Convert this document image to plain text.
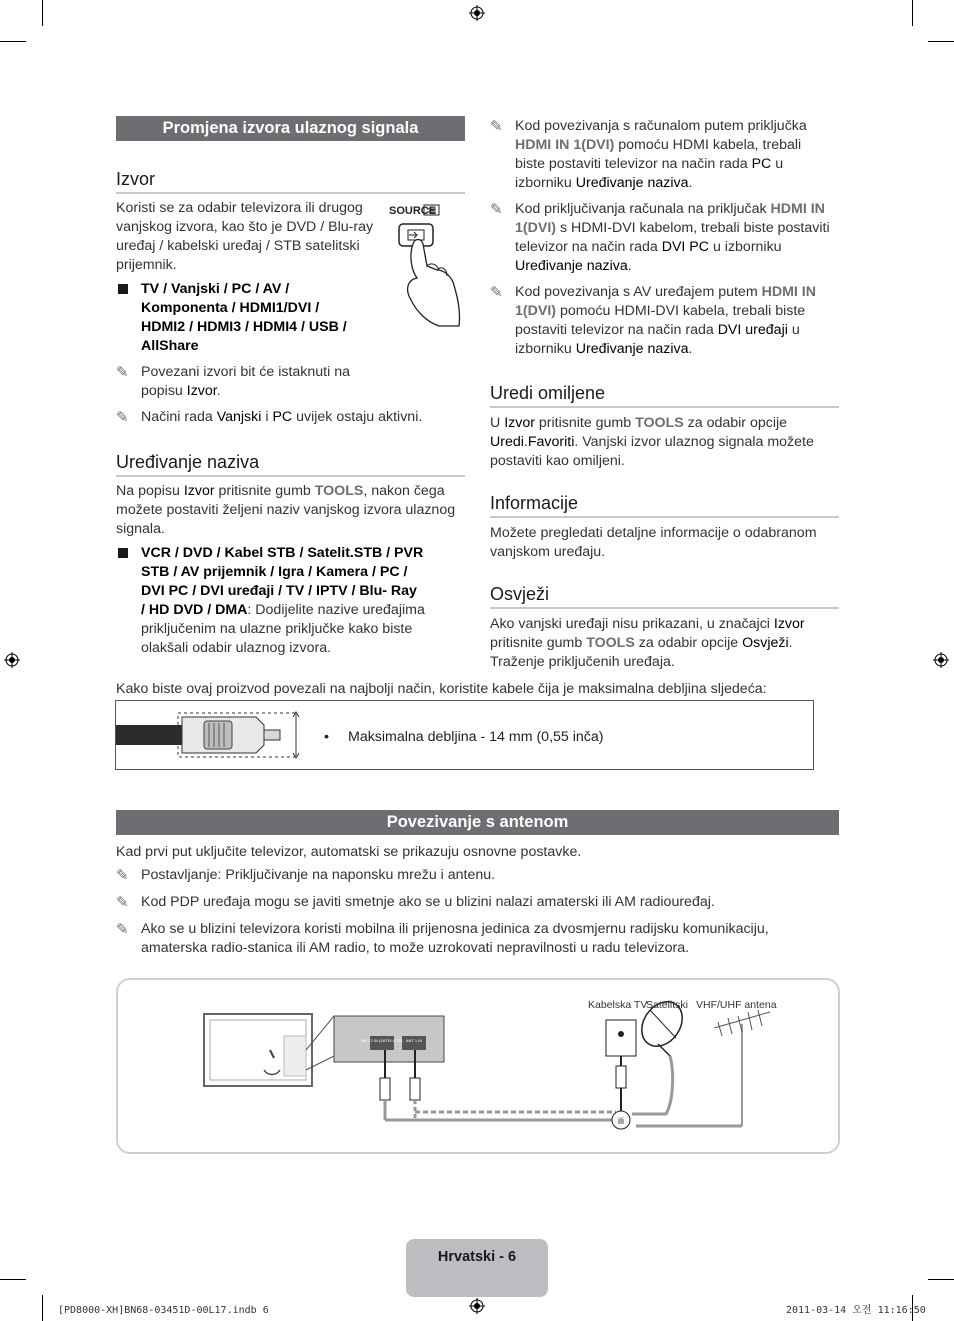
Promjena izvora ulaznog signala
Izvor
Koristi se za odabir televizora ili drugog vanjskog izvora, kao što je DVD / Blu-ray uređaj / kabelski uređaj / STB satelitski prijemnik.
SOURCE
TV / Vanjski / PC / AV /
Komponenta / HDMI1/DVI /
HDMI2 / HDMI3 / HDMI4 / USB /
AllShare
✎ Povezani izvori bit će istaknuti na
popisu Izvor.
✎ Načini rada Vanjski i PC uvijek ostaju aktivni.
Uređivanje naziva
Na popisu Izvor pritisnite gumb TOOLS, nakon čega
možete postaviti željeni naziv vanjskog izvora ulaznog
signala.
VCR / DVD / Kabel STB / Satelit.STB / PVR
STB / AV prijemnik / Igra / Kamera / PC /
DVI PC / DVI uređaji / TV / IPTV / Blu- Ray
/ HD DVD / DMA: Dodijelite nazive uređajima
priključenim na ulazne priključke kako biste
olakšali odabir ulaznog izvora.
✎ Kod povezivanja s računalom putem priključka
HDMI IN 1(DVI) pomoću HDMI kabela, trebali
biste postaviti televizor na način rada PC u
izborniku Uređivanje naziva.
✎ Kod priključivanja računala na priključak HDMI IN
1(DVI) s HDMI-DVI kabelom, trebali biste postaviti
televizor na način rada DVI PC u izborniku
Uređivanje naziva.
✎ Kod povezivanja s AV uređajem putem HDMI IN
1(DVI) pomoću HDMI-DVI kabela, trebali biste
postaviti televizor na način rada DVI uređaji u
izborniku Uređivanje naziva.
Uredi omiljene
U Izvor pritisnite gumb TOOLS za odabir opcije
Uredi.Favoriti. Vanjski izvor ulaznog signala možete
postaviti kao omiljeni.
Informacije
Možete pregledati detaljne informacije o odabranom
vanjskom uređaju.
Osvježi
Ako vanjski uređaji nisu prikazani, u značajci Izvor
pritisnite gumb TOOLS za odabir opcije Osvježi.
Traženje priključenih uređaja.
Kako biste ovaj proizvod povezali na najbolji način, koristite kabele čija je maksimalna debljina sljedeća:
• Maksimalna debljina - 14 mm (0,55 inča)
Povezivanje s antenom
Kad prvi put uključite televizor, automatski se prikazuju osnovne postavke.
✎ Postavljanje: Priključivanje na naponsku mrežu i antenu.
✎ Kod PDP uređaja mogu se javiti smetnje ako se u blizini nalazi amaterski ili AM radiouređaj.
✎ Ako se u blizini televizora koristi mobilna ili prijenosna jedinica za dvosmjernu radijsku komunikaciju,
amaterska radio-stanica ili AM radio, to može uzrokovati nepravilnosti u radu televizora.
ANT 2 IN (SATELLITE) ANT 1 IN
ili
Kabelska TV
Satelitski VHF/UHF antena
Hrvatski - 6
[PD8000-XH]BN68-03451D-00L17.indb 6	2011-03-14 오전 11:16:50
